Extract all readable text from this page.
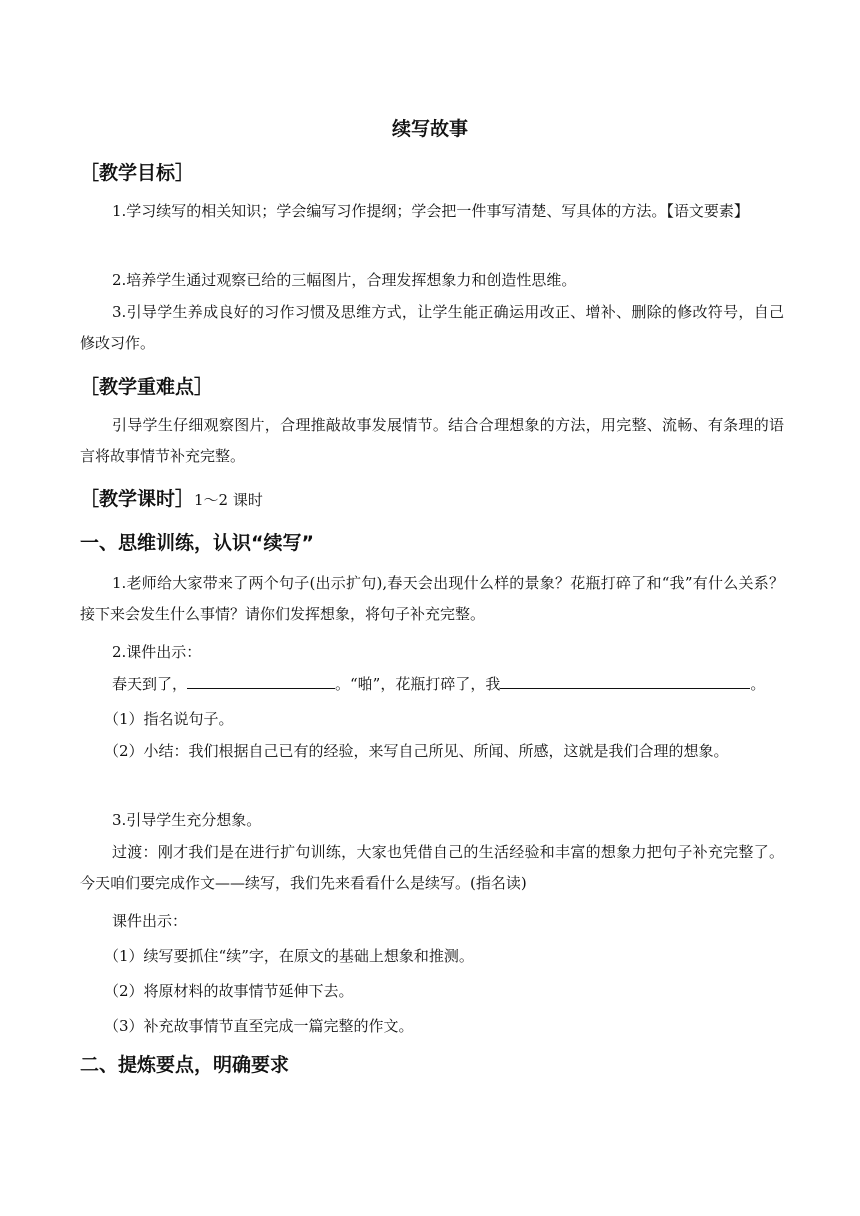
续写故事
［教学目标］

1.学习续写的相关知识；学会编写习作提纲；学会把一件事写清楚、写具体的方法。【语文要素】

2.培养学生通过观察已给的三幅图片，合理发挥想象力和创造性思维。

3.引导学生养成良好的习作习惯及思维方式，让学生能正确运用改正、增补、删除的修改符号，自己修改习作。

［教学重难点］

引导学生仔细观察图片，合理推敲故事发展情节。结合合理想象的方法，用完整、流畅、有条理的语言将故事情节补充完整。

［教学课时］1～2 课时
一、思维训练，认识“续写”

1.老师给大家带来了两个句子(出示扩句),春天会出现什么样的景象？花瓶打碎了和“我”有什么关系？接下来会发生什么事情？请你们发挥想象，将句子补充完整。

2.课件出示：
春天到了，	。“啪”，花瓶打碎了，我	。
（1）指名说句子。

（2）小结：我们根据自己已有的经验，来写自己所见、所闻、所感，这就是我们合理的想象。

3.引导学生充分想象。

过渡：刚才我们是在进行扩句训练，大家也凭借自己的生活经验和丰富的想象力把句子补充完整了。今天咱们要完成作文——续写，我们先来看看什么是续写。(指名读)

课件出示：
（1）续写要抓住“续”字，在原文的基础上想象和推测。
（2）将原材料的故事情节延伸下去。
（3）补充故事情节直至完成一篇完整的作文。
二、提炼要点，明确要求
